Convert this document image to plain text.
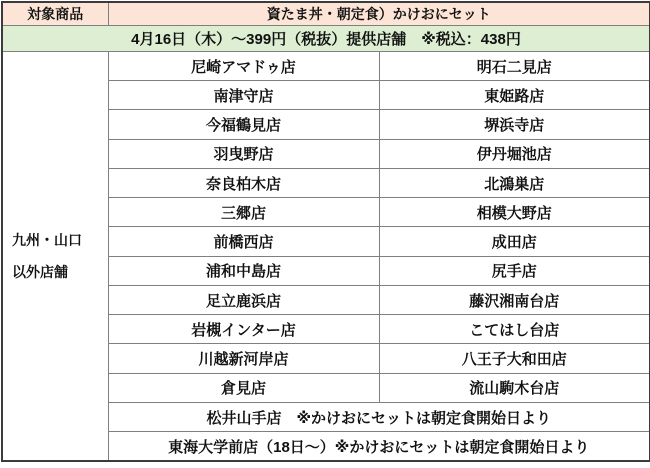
対象商品	資たま丼・朝定食）かけおにセット	
4月16日（木）～399円（税抜）提供店舗　※税込：438円		

九州・山口
以外店舗	尼崎アマドゥ店	明石二見店
	南津守店	東姫路店
	今福鶴見店	堺浜寺店
	羽曳野店	伊丹堀池店
	奈良柏木店	北鴻巣店
	三郷店	相模大野店
	前橋西店	成田店
	浦和中島店	尻手店
	足立鹿浜店	藤沢湘南台店
	岩槻インター店	こてはし台店
	川越新河岸店	八王子大和田店
	倉見店	流山駒木台店
	松井山手店　※かけおにセットは朝定食開始日より	
	東海大学前店（18日～）※かけおにセットは朝定食開始日より	
